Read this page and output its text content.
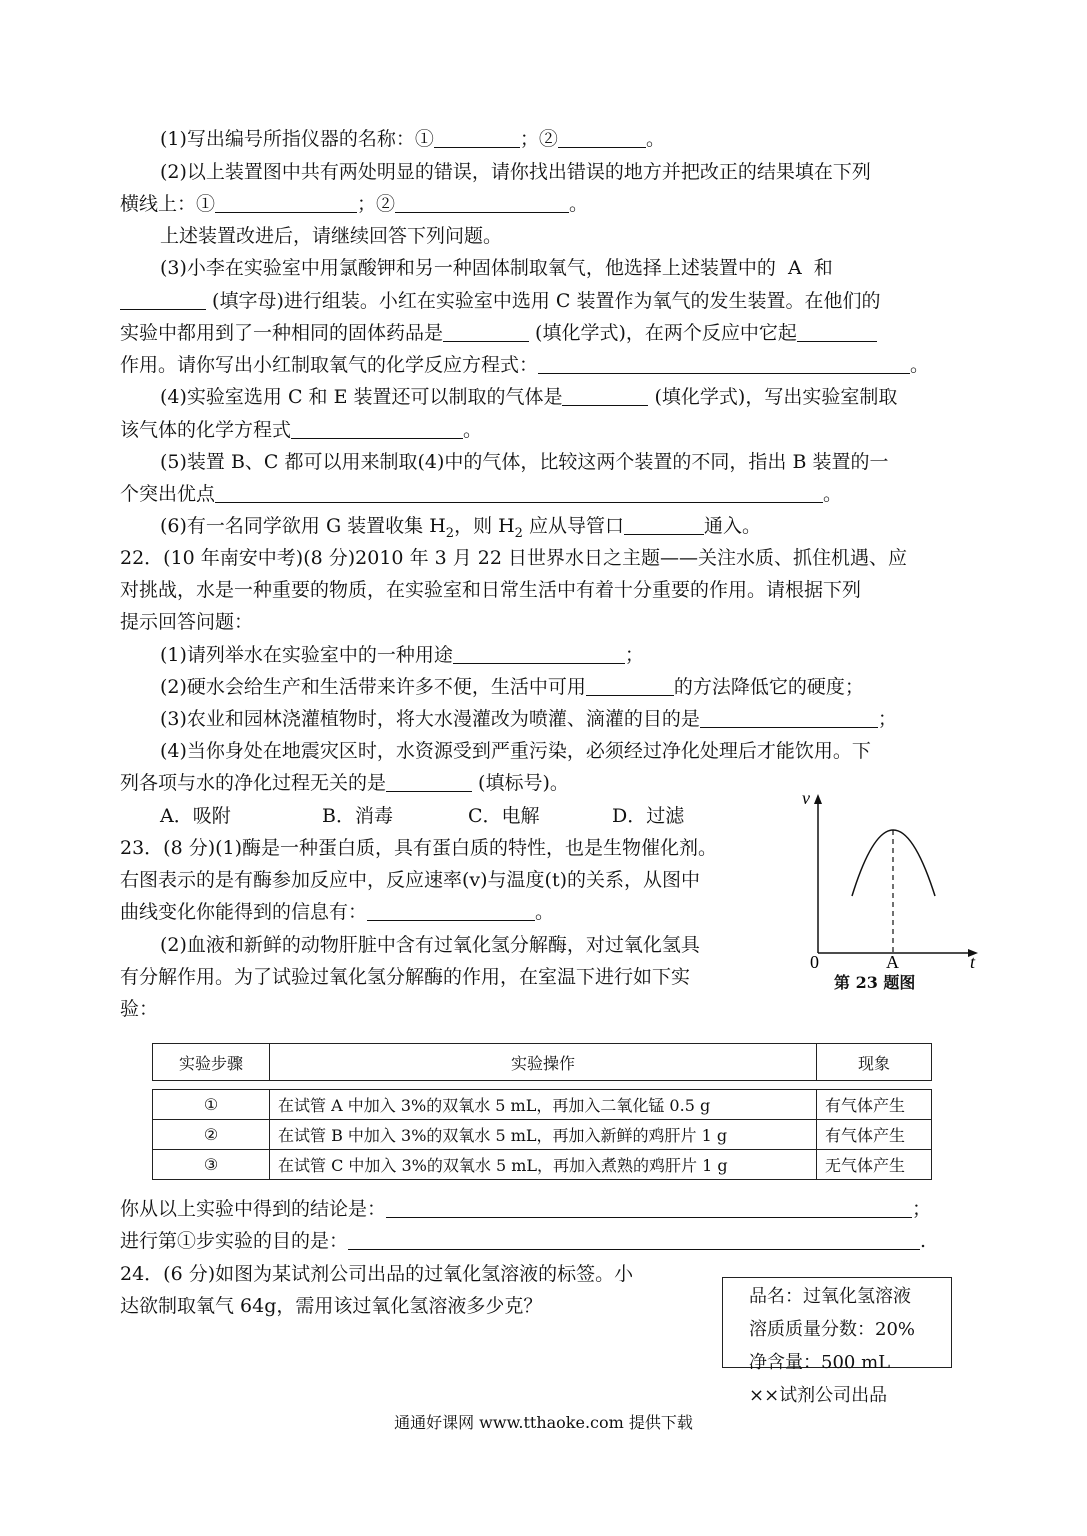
(1)写出编号所指仪器的名称：①	；②	。
(2)以上装置图中共有两处明显的错误，请你找出错误的地方并把改正的结果填在下列
横线上：①	；②	。
上述装置改进后，请继续回答下列问题。
(3)小李在实验室中用氯酸钾和另一种固体制取氧气，他选择上述装置中的  A  和
(填字母)进行组装。小红在实验室中选用 C 装置作为氧气的发生装置。在他们的
实验中都用到了一种相同的固体药品是	(填化学式)，在两个反应中它起
作用。请你写出小红制取氧气的化学反应方程式：	。
(4)实验室选用 C 和 E 装置还可以制取的气体是	(填化学式)，写出实验室制取
该气体的化学方程式	。
(5)装置 B、C 都可以用来制取(4)中的气体，比较这两个装置的不同，指出 B 装置的一
个突出优点	。
(6)有一名同学欲用 G 装置收集 $H_2$，则 $H_2$ 应从导管口	通入。
22．(10 年南安中考)(8 分)2010 年 3 月 22 日世界水日之主题——关注水质、抓住机遇、应
对挑战，水是一种重要的物质，在实验室和日常生活中有着十分重要的作用。请根据下列
提示回答问题：
(1)请列举水在实验室中的一种用途	；
(2)硬水会给生产和生活带来许多不便，生活中可用	的方法降低它的硬度；
(3)农业和园林浇灌植物时，将大水漫灌改为喷灌、滴灌的目的是	；
(4)当你身处在地震灾区时，水资源受到严重污染，必须经过净化处理后才能饮用。下
列各项与水的净化过程无关的是	(填标号)。
A．吸附	B．消毒	C．电解	D．过滤
23．(8 分)(1)酶是一种蛋白质，具有蛋白质的特性，也是生物催化剂。
右图表示的是有酶参加反应中，反应速率(v)与温度(t)的关系，从图中
曲线变化你能得到的信息有：	。
(2)血液和新鲜的动物肝脏中含有过氧化氢分解酶，对过氧化氢具
有分解作用。为了试验过氧化氢分解酶的作用，在室温下进行如下实
验：
v
t
0	A
第 23 题图
实验步骤	实验操作	现象

①	在试管 A 中加入 3%的双氧水 5 mL，再加入二氧化锰 0.5 g	有气体产生
②	在试管 B 中加入 3%的双氧水 5 mL，再加入新鲜的鸡肝片 1 g	有气体产生
③	在试管 C 中加入 3%的双氧水 5 mL，再加入煮熟的鸡肝片 1 g	无气体产生
你从以上实验中得到的结论是：	；
进行第①步实验的目的是：	.
24．(6 分)如图为某试剂公司出品的过氧化氢溶液的标签。小
达欲制取氧气 64g，需用该过氧化氢溶液多少克？	品名：过氧化氢溶液
溶质质量分数：20%
净含量：500 mL
××试剂公司出品
通通好课网 www.tthaoke.com 提供下载
